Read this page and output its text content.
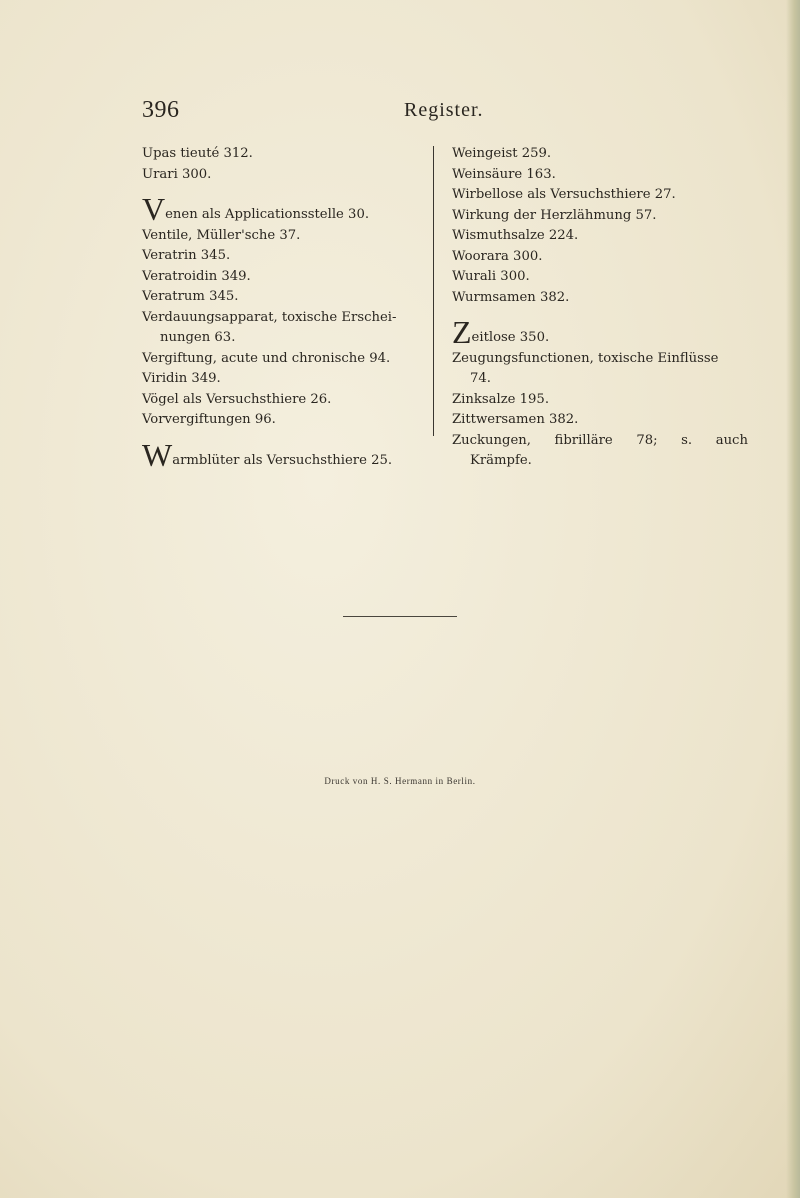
396	Register.
Upas tieuté 312.
Urari 300.
Venen als Applicationsstelle 30.
Ventile, Müller'sche 37.
Veratrin 345.
Veratroidin 349.
Veratrum 345.
Verdauungsapparat, toxische Erschei-
nungen 63.
Vergiftung, acute und chronische 94.
Viridin 349.
Vögel als Versuchsthiere 26.
Vorvergiftungen 96.
Warmblüter als Versuchsthiere 25.
Weingeist 259.
Weinsäure 163.
Wirbellose als Versuchsthiere 27.
Wirkung der Herzlähmung 57.
Wismuthsalze 224.
Woorara 300.
Wurali 300.
Wurmsamen 382.
Zeitlose 350.
Zeugungsfunctionen, toxische Einflüsse
74.
Zinksalze 195.
Zittwersamen 382.
Zuckungen, fibrilläre 78; s. auch
Krämpfe.
Druck von H. S. Hermann in Berlin.
